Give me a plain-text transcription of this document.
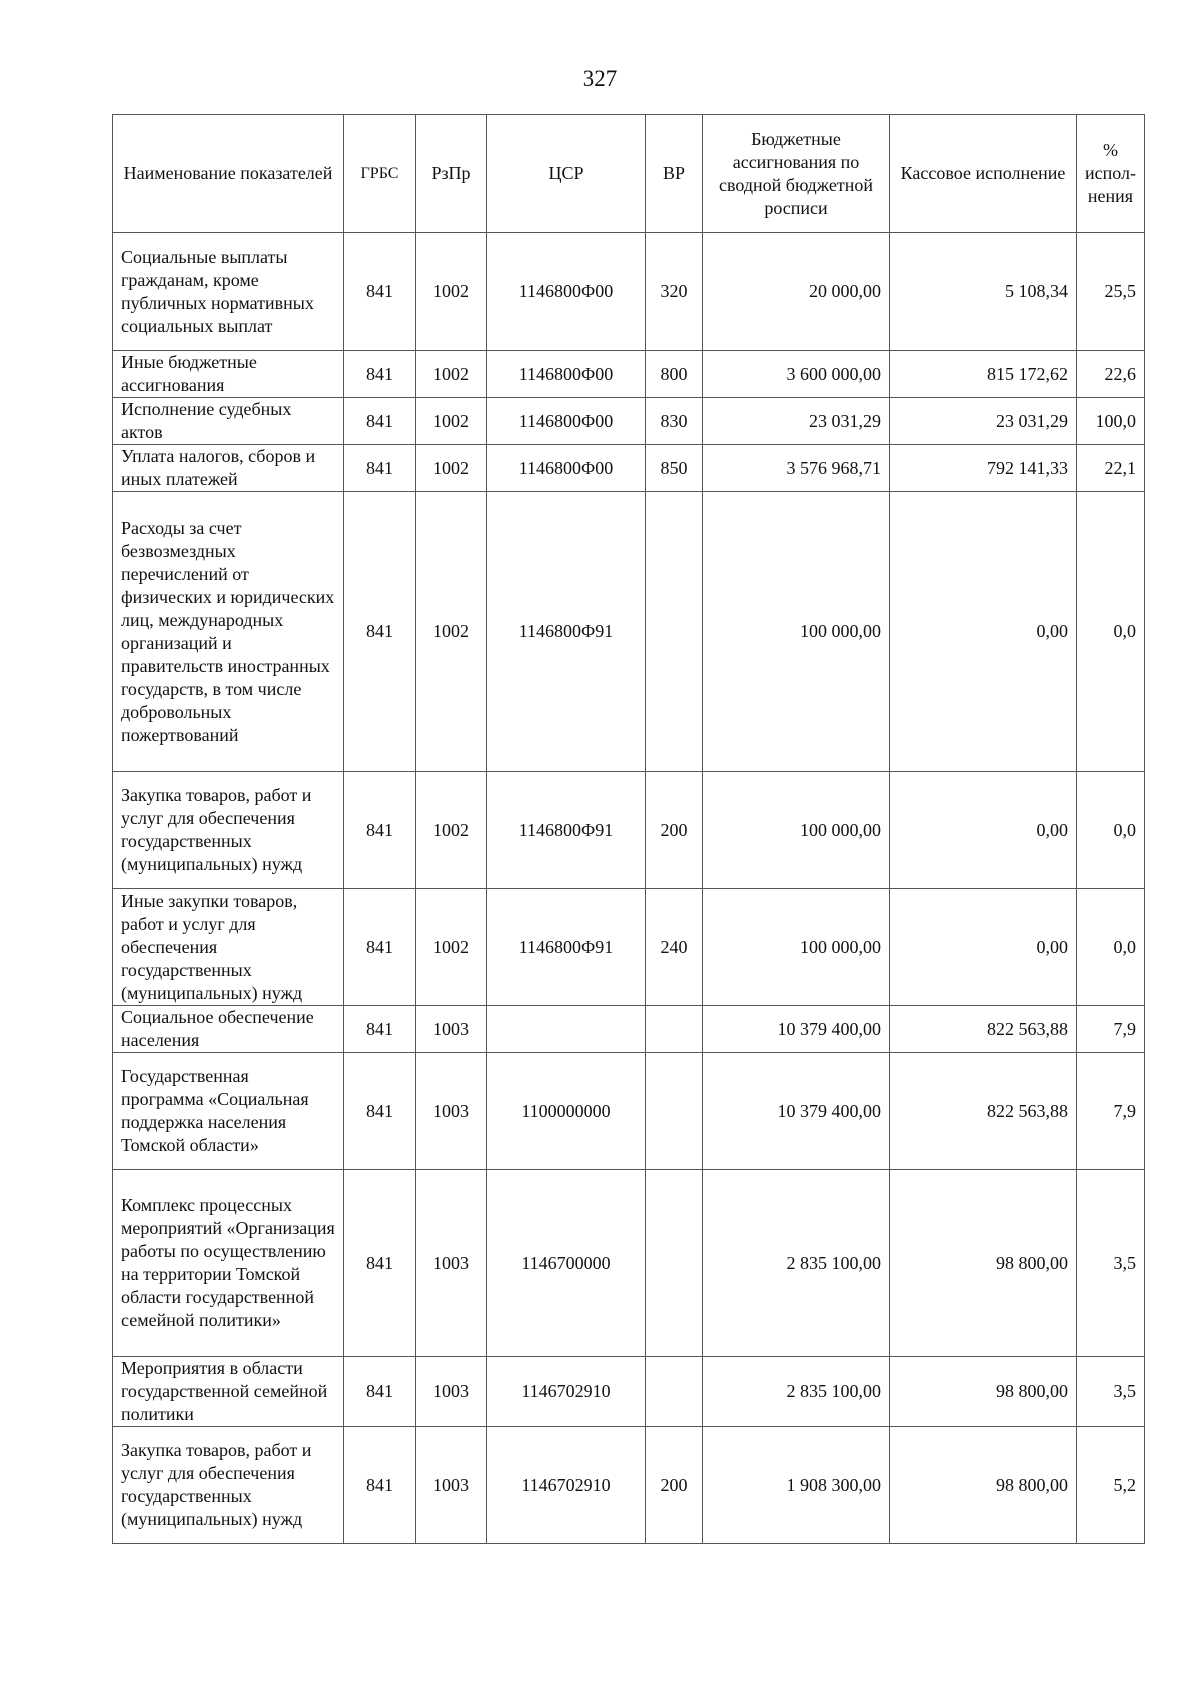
327
Наименование показателей	ГРБС	РзПр	ЦСР	ВР	Бюджетные ассигнования по сводной бюджетной росписи	Кассовое исполнение	% испол-нения
Социальные выплаты гражданам, кроме публичных нормативных социальных выплат	841	1002	1146800Ф00	320	20 000,00	5 108,34	25,5
Иные бюджетные ассигнования	841	1002	1146800Ф00	800	3 600 000,00	815 172,62	22,6
Исполнение судебных актов	841	1002	1146800Ф00	830	23 031,29	23 031,29	100,0
Уплата налогов, сборов и иных платежей	841	1002	1146800Ф00	850	3 576 968,71	792 141,33	22,1
Расходы за счет безвозмездных перечислений от физических и юридических лиц, международных организаций и правительств иностранных государств, в том числе добровольных пожертвований	841	1002	1146800Ф91		100 000,00	0,00	0,0
Закупка товаров, работ и услуг для обеспечения государственных (муниципальных) нужд	841	1002	1146800Ф91	200	100 000,00	0,00	0,0
Иные закупки товаров, работ и услуг для обеспечения государственных (муниципальных) нужд	841	1002	1146800Ф91	240	100 000,00	0,00	0,0
Социальное обеспечение населения	841	1003			10 379 400,00	822 563,88	7,9
Государственная программа «Социальная поддержка населения Томской области»	841	1003	1100000000		10 379 400,00	822 563,88	7,9
Комплекс процессных мероприятий «Организация работы по осуществлению на территории Томской области государственной семейной политики»	841	1003	1146700000		2 835 100,00	98 800,00	3,5
Мероприятия в области государственной семейной политики	841	1003	1146702910		2 835 100,00	98 800,00	3,5
Закупка товаров, работ и услуг для обеспечения государственных (муниципальных) нужд	841	1003	1146702910	200	1 908 300,00	98 800,00	5,2
